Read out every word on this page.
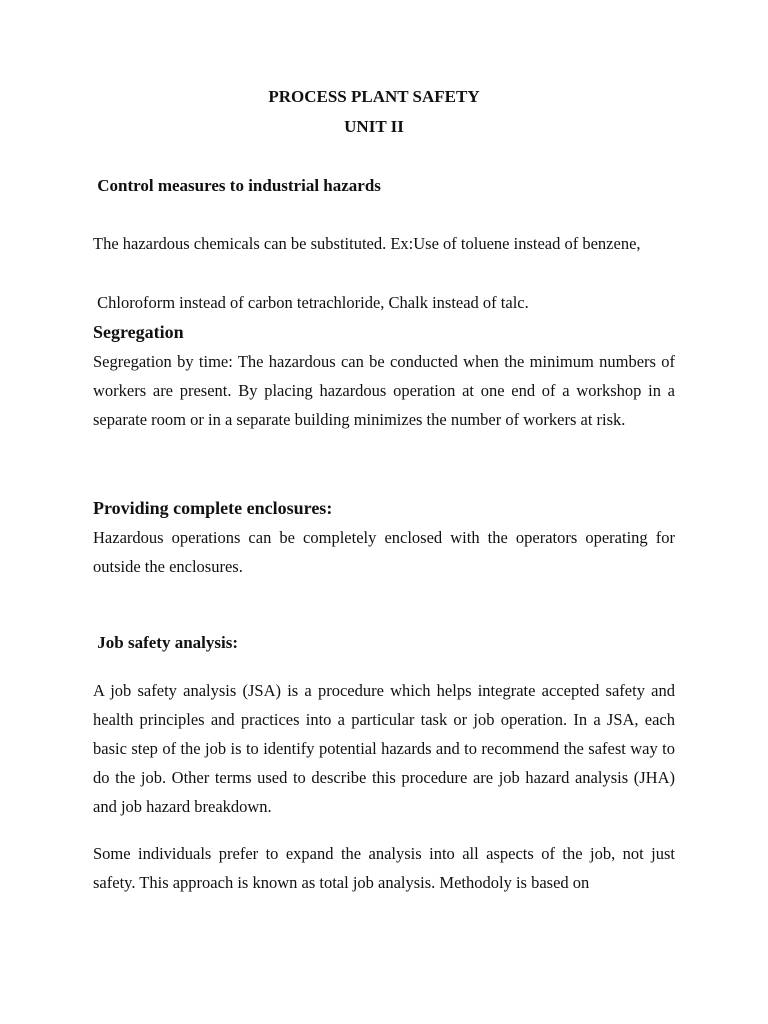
PROCESS PLANT SAFETY
UNIT II
Control measures to industrial hazards

The hazardous chemicals can be substituted. Ex:Use of toluene instead of benzene,

Chloroform instead of carbon tetrachloride, Chalk instead of talc.

Segregation

Segregation by time: The hazardous can be conducted when the minimum numbers of workers are present. By placing hazardous operation at one end of a workshop in a separate room or in a separate building minimizes the number of workers at risk.

Providing complete enclosures:

Hazardous operations can be completely enclosed with the operators operating for outside the enclosures.

Job safety analysis:

A job safety analysis (JSA) is a procedure which helps integrate accepted safety and health principles and practices into a particular task or job operation. In a JSA, each basic step of the job is to identify potential hazards and to recommend the safest way to do the job. Other terms used to describe this procedure are job hazard analysis (JHA) and job hazard breakdown.

Some individuals prefer to expand the analysis into all aspects of the job, not just safety. This approach is known as total job analysis. Methodoly is based on
